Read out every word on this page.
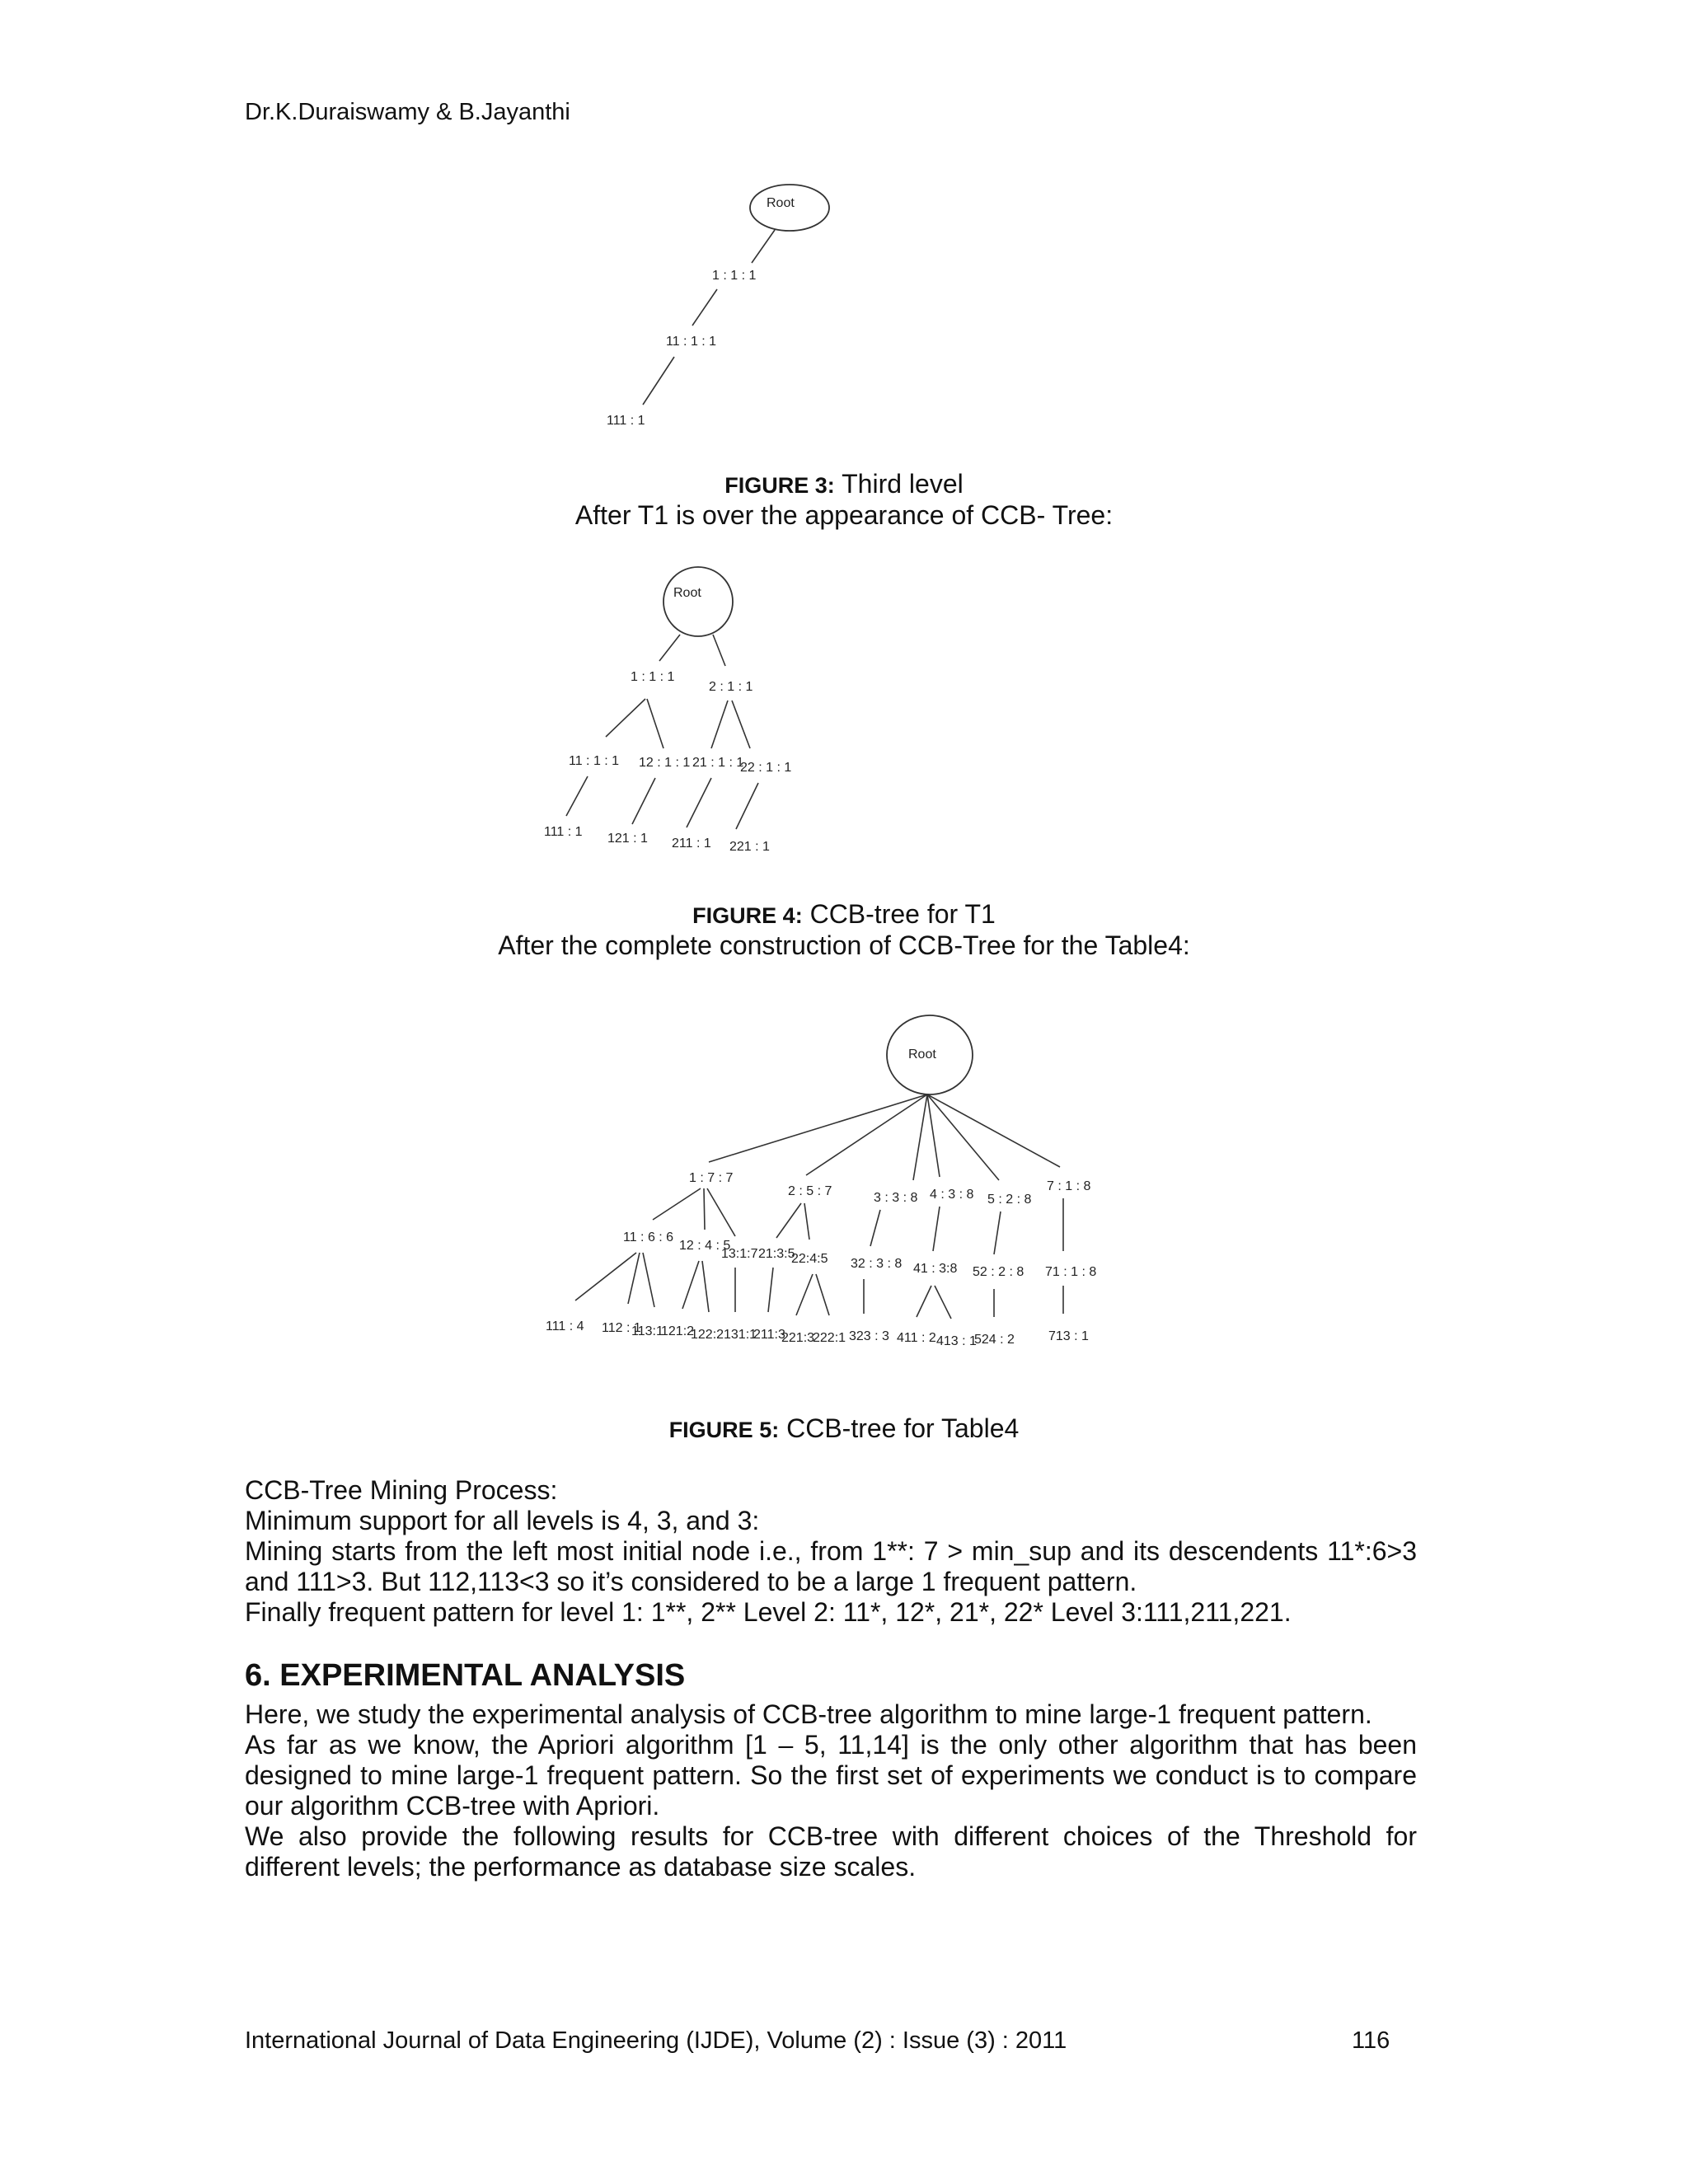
Dr.K.Duraiswamy & B.Jayanthi
Root
1 : 1 : 1
11 : 1 : 1
111 : 1
FIGURE 3: Third level
After T1 is over the appearance of CCB- Tree:
Root
1 : 1 : 1
2 : 1 : 1
11 : 1 : 1 12 : 1 : 1 21 : 1 : 1
22 : 1 : 1
111 : 1 121 : 1 211 : 1 221 : 1
FIGURE 4: CCB-tree for T1
After the complete construction of CCB-Tree for the Table4:
Root
1 : 7 : 7
2 : 5 : 7	3 : 3 : 8 4 : 3 : 8 5 : 2 : 8
7 : 1 : 8
11 : 6 : 6
12 : 4 : 5
13:1:7 21:3:5
22:4:5 32 : 3 : 8 41 : 3:8 52 : 2 : 8 71 : 1 : 8
111 : 4 112 : 1
113:1
121:2
122:2 131:1
211:3
221:3
222:1 323 : 3 411 : 2 413 : 1
524 : 2	713 : 1
FIGURE 5: CCB-tree for Table4

CCB-Tree Mining Process:

Minimum support for all levels is 4, 3, and 3:

Mining starts from the left most initial node i.e., from 1**: 7 > min_sup and its descendents 11*:6>3 and 111>3. But 112,113<3 so it’s considered to be a large 1 frequent pattern.

Finally frequent pattern for level 1: 1**, 2** Level 2: 11*, 12*, 21*, 22* Level 3:111,211,221.

6. EXPERIMENTAL ANALYSIS

Here, we study the experimental analysis of CCB-tree algorithm to mine large-1 frequent pattern.

As far as we know, the Apriori algorithm [1 – 5, 11,14] is the only other algorithm that has been designed to mine large-1 frequent pattern. So the first set of experiments we conduct is to compare our algorithm CCB-tree with Apriori.

We also provide the following results for CCB-tree with different choices of the Threshold for different levels; the performance as database size scales.

International Journal of Data Engineering (IJDE), Volume (2) : Issue (3) : 2011	116
